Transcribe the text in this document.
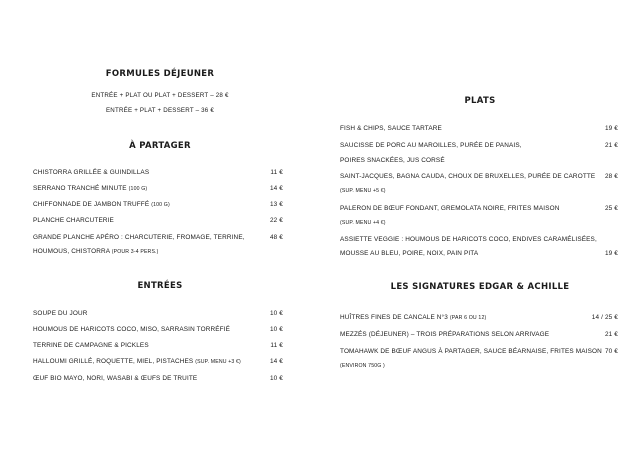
FORMULES DÉJEUNER
ENTRÉE + PLAT OU PLAT + DESSERT – 28 €
ENTRÉE + PLAT + DESSERT – 36 €
À PARTAGER
CHISTORRA GRILLÉE & GUINDILLAS	11 €
SERRANO TRANCHÉ MINUTE (100 G)	14 €
CHIFFONNADE DE JAMBON TRUFFÉ (100 G)	13 €
PLANCHE CHARCUTERIE	22 €
GRANDE PLANCHE APÉRO : CHARCUTERIE, FROMAGE, TERRINE,	48 €
HOUMOUS, CHISTORRA (POUR 3-4 PERS.)
ENTRÉES
SOUPE DU JOUR	10 €
HOUMOUS DE HARICOTS COCO, MISO, SARRASIN TORRÉFIÉ	10 €
TERRINE DE CAMPAGNE & PICKLES	11 €
HALLOUMI GRILLÉ, ROQUETTE, MIEL, PISTACHES (SUP. MENU +3 €)	14 €
ŒUF BIO MAYO, NORI, WASABI & ŒUFS DE TRUITE	10 €
PLATS
FISH & CHIPS, SAUCE TARTARE	19 €
SAUCISSE DE PORC AU MAROILLES, PURÉE DE PANAIS,	21 €
POIRES SNACKÉES, JUS CORSÉ
SAINT-JACQUES, BAGNA CAUDA, CHOUX DE BRUXELLES, PURÉE DE CAROTTE 28 €
(SUP. MENU +5 €)
PALERON DE BŒUF FONDANT, GREMOLATA NOIRE, FRITES MAISON	25 €
(SUP. MENU +4 €)
ASSIETTE VEGGIE : HOUMOUS DE HARICOTS COCO, ENDIVES CARAMÉLISÉES,
MOUSSE AU BLEU, POIRE, NOIX, PAIN PITA	19 €
LES SIGNATURES EDGAR & ACHILLE
HUÎTRES FINES DE CANCALE N°3 (PAR 6 OU 12)	14 / 25 €
MEZZÉS (DÉJEUNER) – TROIS PRÉPARATIONS SELON ARRIVAGE	21 €
TOMAHAWK DE BŒUF ANGUS À PARTAGER, SAUCE BÉARNAISE, FRITES MAISON 70 €
(ENVIRON 750G )
